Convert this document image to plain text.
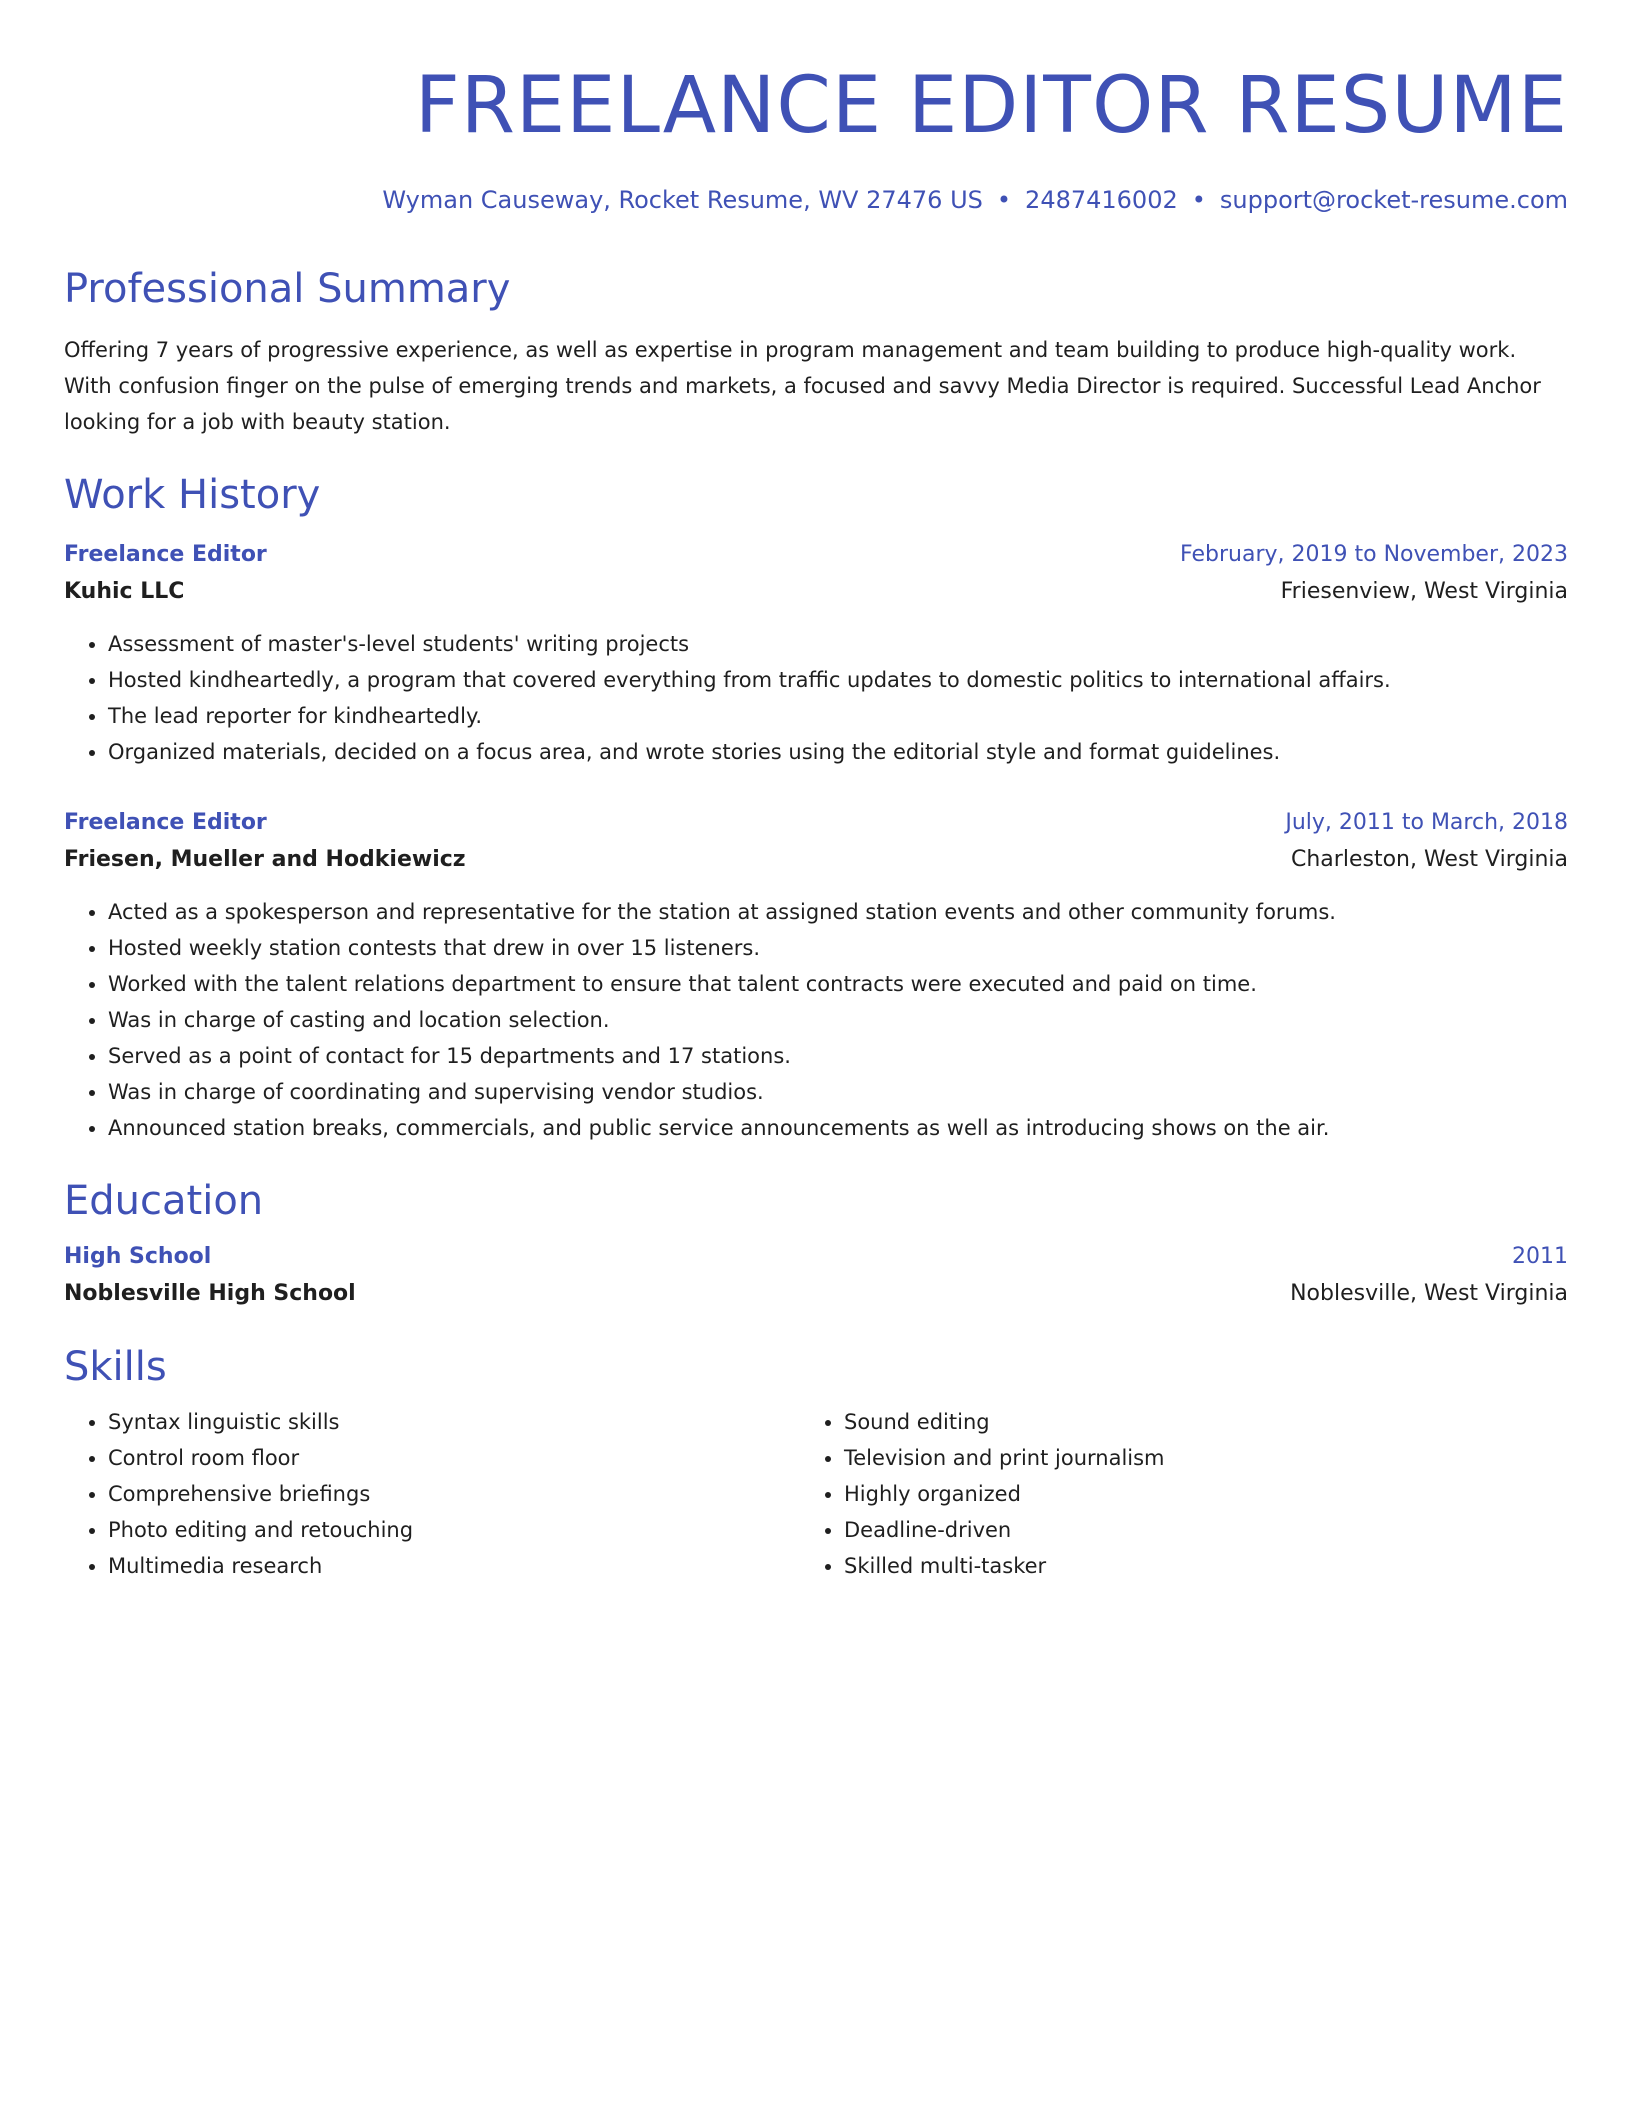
FREELANCE EDITOR RESUME
Wyman Causeway, Rocket Resume, WV 27476 US • 2487416002 • support@rocket-resume.com
Professional Summary

Offering 7 years of progressive experience, as well as expertise in program management and team building to produce high-quality work. With confusion finger on the pulse of emerging trends and markets, a focused and savvy Media Director is required. Successful Lead Anchor looking for a job with beauty station.

Work History
Freelance Editor	February, 2019 to November, 2023
Kuhic LLC	Friesenview, West Virginia
• Assessment of master's-level students' writing projects
• Hosted kindheartedly, a program that covered everything from traffic updates to domestic politics to international affairs.
• The lead reporter for kindheartedly.
• Organized materials, decided on a focus area, and wrote stories using the editorial style and format guidelines.
Freelance Editor	July, 2011 to March, 2018
Friesen, Mueller and Hodkiewicz	Charleston, West Virginia
• Acted as a spokesperson and representative for the station at assigned station events and other community forums.
• Hosted weekly station contests that drew in over 15 listeners.
• Worked with the talent relations department to ensure that talent contracts were executed and paid on time.
• Was in charge of casting and location selection.
• Served as a point of contact for 15 departments and 17 stations.
• Was in charge of coordinating and supervising vendor studios.
• Announced station breaks, commercials, and public service announcements as well as introducing shows on the air.
Education
High School	2011
Noblesville High School	Noblesville, West Virginia
Skills
• Syntax linguistic skills
• Control room floor
• Comprehensive briefings
• Photo editing and retouching
• Multimedia research
• Sound editing
• Television and print journalism
• Highly organized
• Deadline-driven
• Skilled multi-tasker
